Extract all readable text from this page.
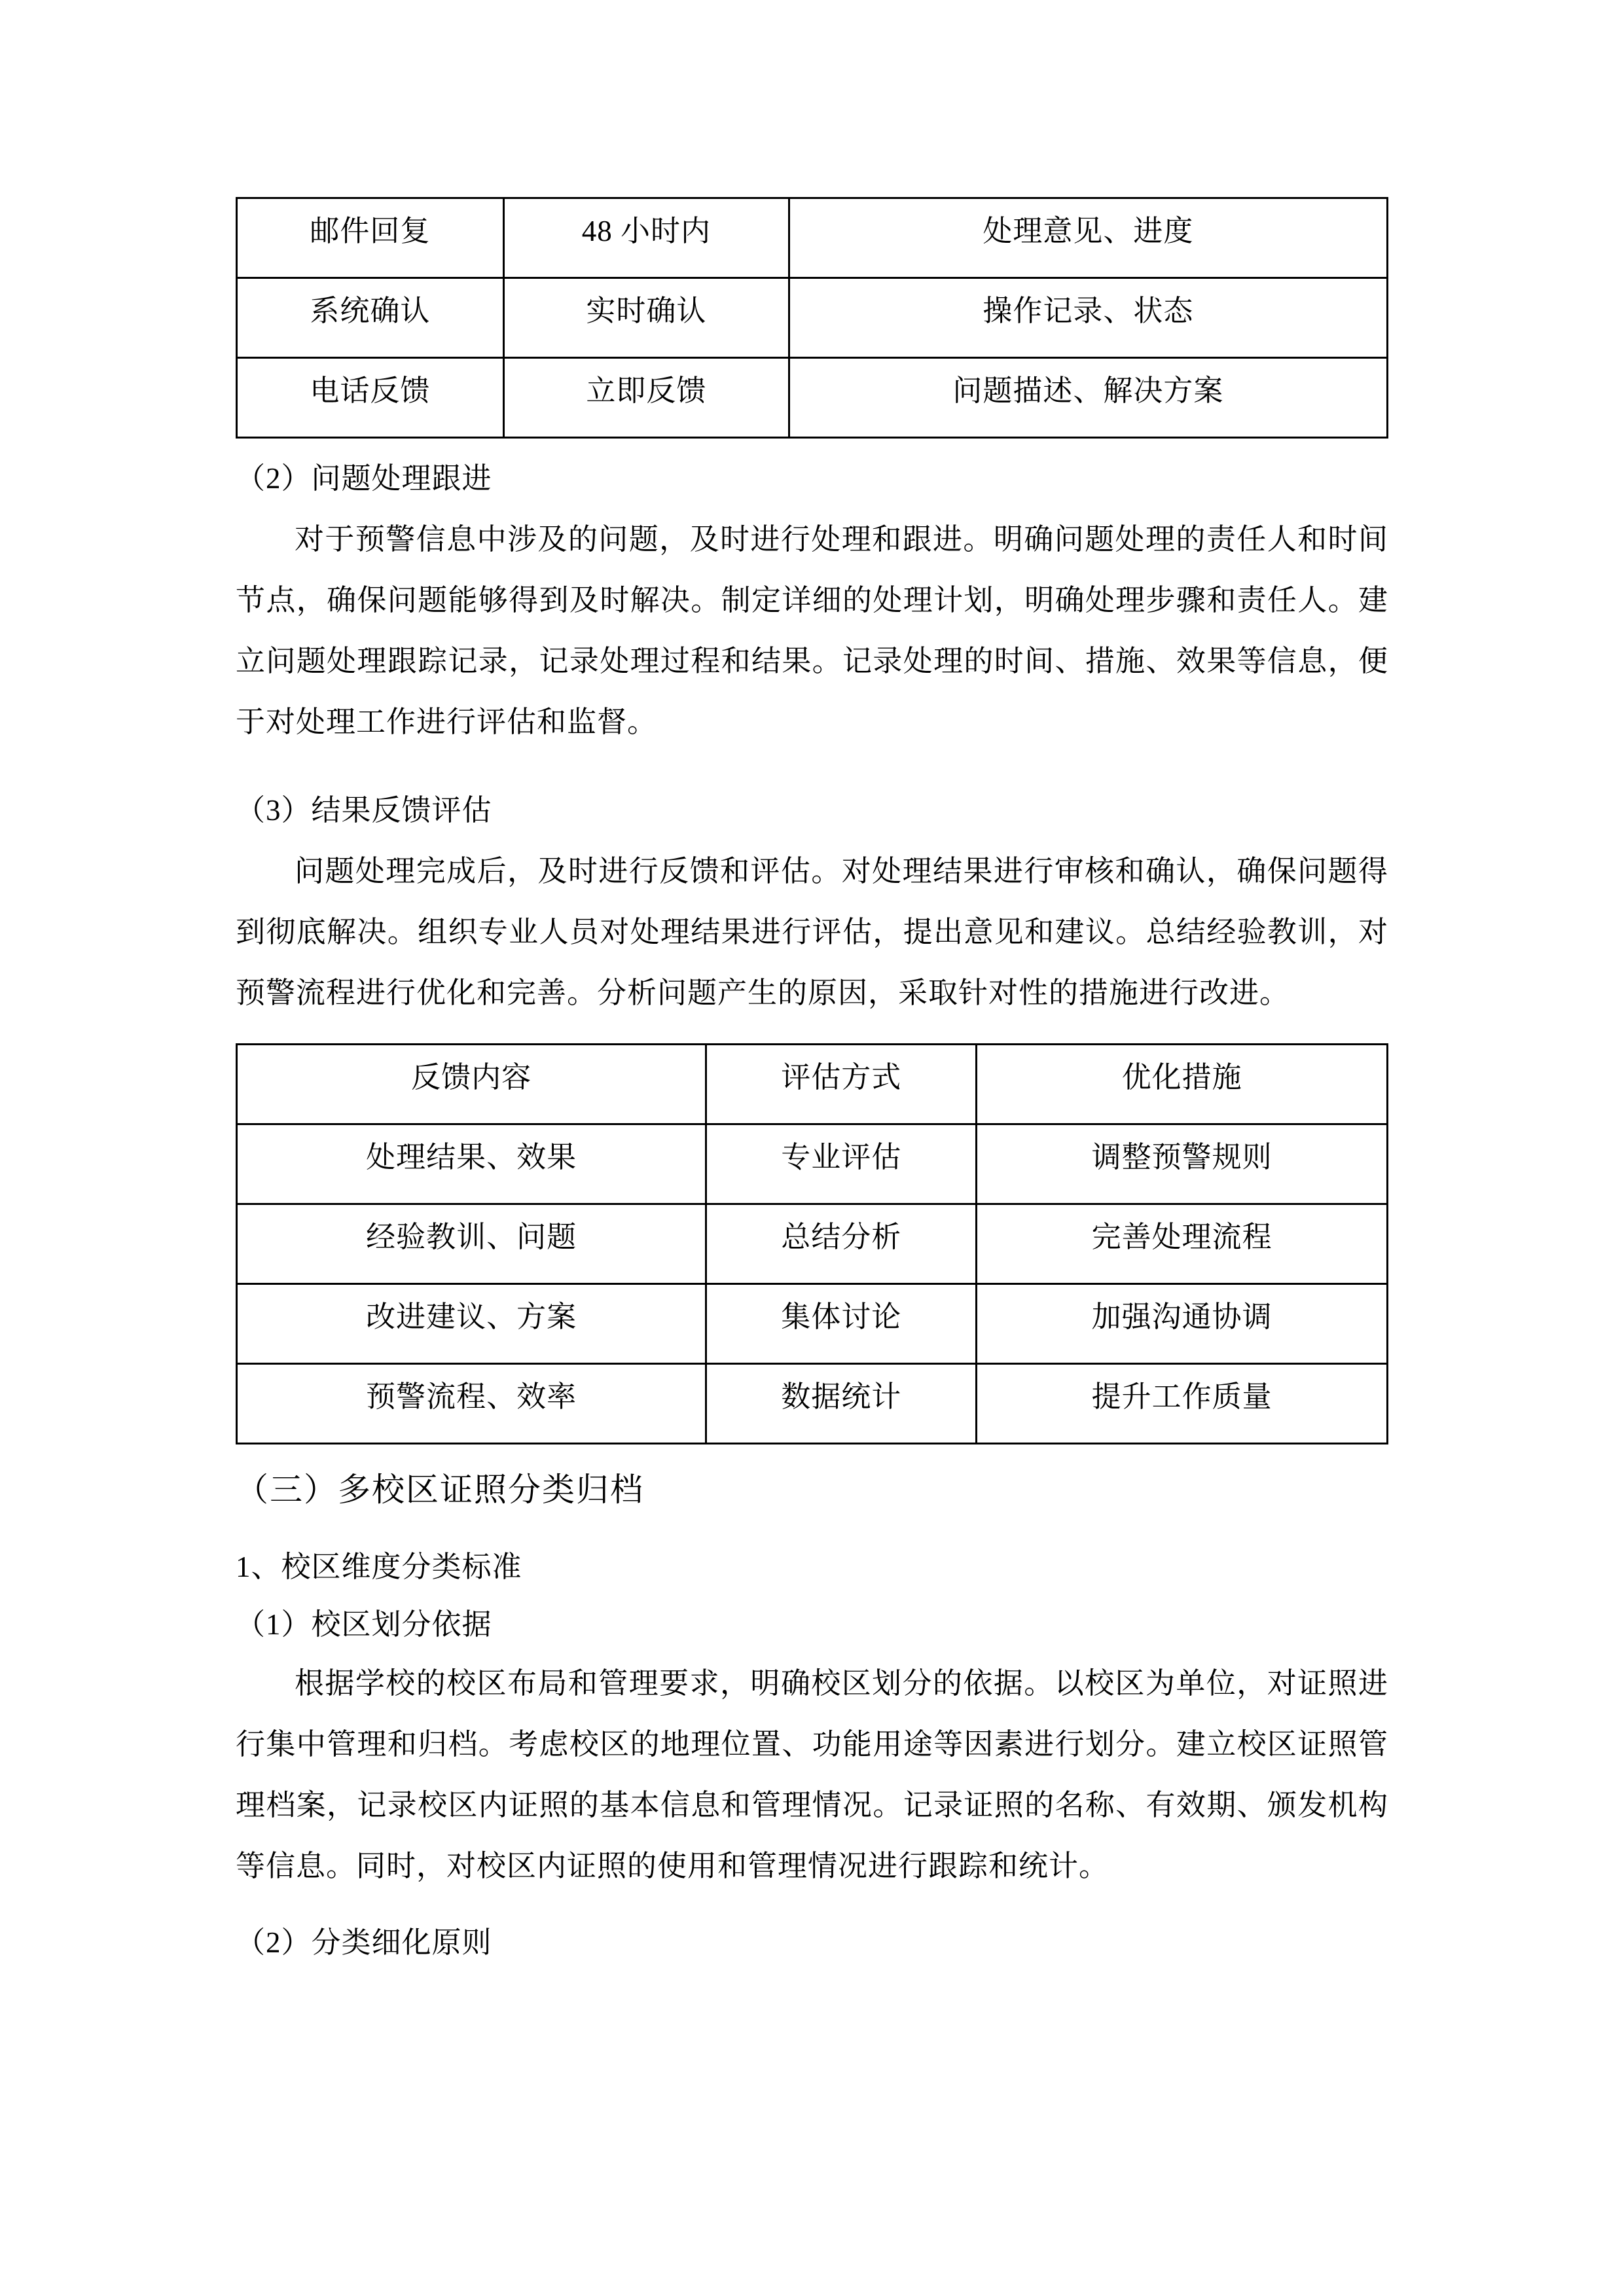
邮件回复	48 小时内	处理意见、进度
系统确认	实时确认	操作记录、状态
电话反馈	立即反馈	问题描述、解决方案
（2）问题处理跟进

对于预警信息中涉及的问题，及时进行处理和跟进。明确问题处理的责任人和时间节点，确保问题能够得到及时解决。制定详细的处理计划，明确处理步骤和责任人。建立问题处理跟踪记录，记录处理过程和结果。记录处理的时间、措施、效果等信息，便于对处理工作进行评估和监督。

（3）结果反馈评估

问题处理完成后，及时进行反馈和评估。对处理结果进行审核和确认，确保问题得到彻底解决。组织专业人员对处理结果进行评估，提出意见和建议。总结经验教训，对预警流程进行优化和完善。分析问题产生的原因，采取针对性的措施进行改进。

反馈内容	评估方式	优化措施
处理结果、效果	专业评估	调整预警规则
经验教训、问题	总结分析	完善处理流程
改进建议、方案	集体讨论	加强沟通协调
预警流程、效率	数据统计	提升工作质量
（三）多校区证照分类归档
1、校区维度分类标准
（1）校区划分依据

根据学校的校区布局和管理要求，明确校区划分的依据。以校区为单位，对证照进行集中管理和归档。考虑校区的地理位置、功能用途等因素进行划分。建立校区证照管理档案，记录校区内证照的基本信息和管理情况。记录证照的名称、有效期、颁发机构等信息。同时，对校区内证照的使用和管理情况进行跟踪和统计。

（2）分类细化原则
